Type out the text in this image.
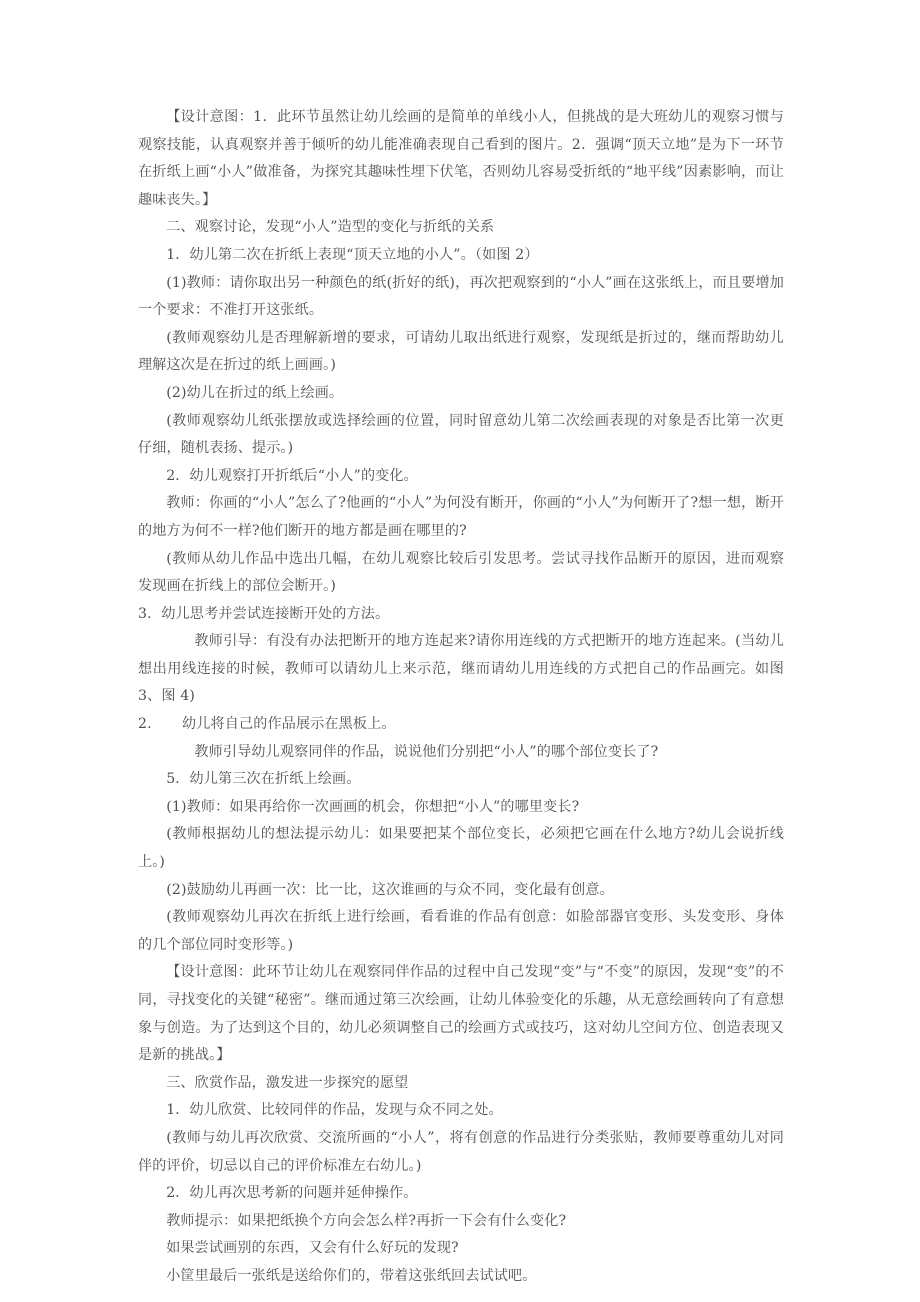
【设计意图：1．此环节虽然让幼儿绘画的是简单的单线小人，但挑战的是大班幼儿的观察习惯与观察技能，认真观察并善于倾听的幼儿能准确表现自己看到的图片。2．强调“顶天立地”是为下一环节在折纸上画“小人”做准备，为探究其趣味性埋下伏笔，否则幼儿容易受折纸的“地平线”因素影响，而让趣味丧失。】

二、观察讨论，发现“小人”造型的变化与折纸的关系

1．幼儿第二次在折纸上表现“顶天立地的小人”。（如图 2）

(1)教师：请你取出另一种颜色的纸(折好的纸)，再次把观察到的“小人”画在这张纸上，而且要增加一个要求：不准打开这张纸。

(教师观察幼儿是否理解新增的要求，可请幼儿取出纸进行观察，发现纸是折过的，继而帮助幼儿理解这次是在折过的纸上画画。)

(2)幼儿在折过的纸上绘画。

(教师观察幼儿纸张摆放或选择绘画的位置，同时留意幼儿第二次绘画表现的对象是否比第一次更仔细，随机表扬、提示。)

2．幼儿观察打开折纸后“小人”的变化。

教师：你画的“小人”怎么了?他画的“小人”为何没有断开，你画的“小人”为何断开了?想一想，断开的地方为何不一样?他们断开的地方都是画在哪里的?

(教师从幼儿作品中选出几幅，在幼儿观察比较后引发思考。尝试寻找作品断开的原因，进而观察发现画在折线上的部位会断开。)

3．幼儿思考并尝试连接断开处的方法。

教师引导：有没有办法把断开的地方连起来?请你用连线的方式把断开的地方连起来。(当幼儿想出用线连接的时候，教师可以请幼儿上来示范，继而请幼儿用连线的方式把自己的作品画完。如图 3、图 4)

2.	幼儿将自己的作品展示在黑板上。

教师引导幼儿观察同伴的作品，说说他们分别把“小人”的哪个部位变长了?

5．幼儿第三次在折纸上绘画。

(1)教师：如果再给你一次画画的机会，你想把“小人”的哪里变长?

(教师根据幼儿的想法提示幼儿：如果要把某个部位变长，必须把它画在什么地方?幼儿会说折线上。)

(2)鼓励幼儿再画一次：比一比，这次谁画的与众不同，变化最有创意。

(教师观察幼儿再次在折纸上进行绘画，看看谁的作品有创意：如脸部器官变形、头发变形、身体的几个部位同时变形等。)

【设计意图：此环节让幼儿在观察同伴作品的过程中自己发现“变”与“不变”的原因，发现“变”的不同，寻找变化的关键“秘密”。继而通过第三次绘画，让幼儿体验变化的乐趣，从无意绘画转向了有意想象与创造。为了达到这个目的，幼儿必须调整自己的绘画方式或技巧，这对幼儿空间方位、创造表现又是新的挑战。】

三、欣赏作品，激发进一步探究的愿望

1．幼儿欣赏、比较同伴的作品，发现与众不同之处。

(教师与幼儿再次欣赏、交流所画的“小人”，将有创意的作品进行分类张贴，教师要尊重幼儿对同伴的评价，切忌以自己的评价标准左右幼儿。)

2．幼儿再次思考新的问题并延伸操作。

教师提示：如果把纸换个方向会怎么样?再折一下会有什么变化?

如果尝试画别的东西，又会有什么好玩的发现?

小筐里最后一张纸是送给你们的，带着这张纸回去试试吧。
